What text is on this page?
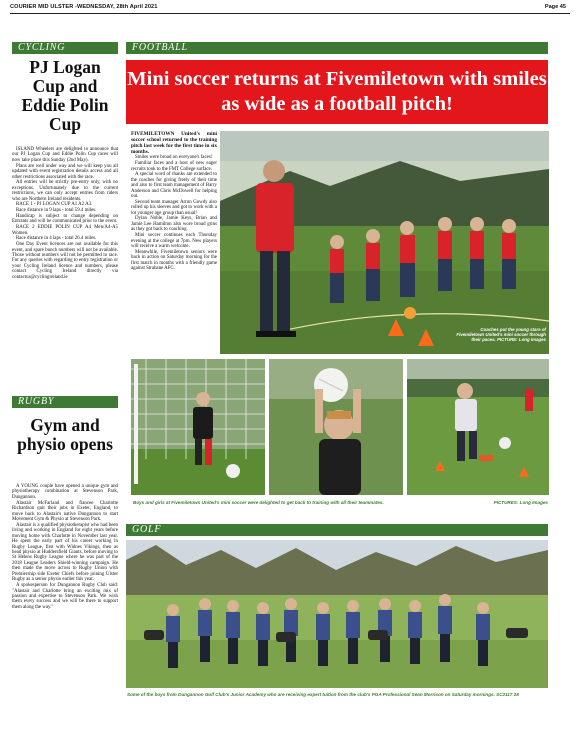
COURIER MID ULSTER -WEDNESDAY, 28th April 2021	Page 45
CYCLING
PJ Logan Cup and Eddie Polin Cup

ISLAND Wheelers are delighted to announce that our PJ Logan Cup and Eddie Polin Cup races will now take place this Sunday (2nd May).

Plans are well under way and we will keep you all updated with event registration details access and all other restrictions associated with the race.

All entries will be strictly pre-entry only, with no exceptions. Unfortunately due to the current restrictions, we can only accept entries from riders who are Northern Ireland residents.

RACE 1 - PJ LOGAN CUP A1 A2 A3.

Race distance in 9 laps - total 59.4 miles.

Handicap is subject to change depending on Entrants and will be communicated prior to the event.

RACE 2 EDDIE POLIN CUP A4 Men/A4-A5 Women.

Race distance in 4 laps - total 26.4 miles.

One Day Event licences are not available for this event, and spare bunch numbers will not be available. Those without numbers will not be permitted to race. For any queries with regarding to entry registration or your Cycling Ireland licence and numbers, please contact Cycling Ireland directly via contactus@cyclingireland.ie

RUGBY
Gym and physio opens

A YOUNG couple have opened a unique gym and physiotherapy combination at Stevenson Park, Dungannon.

Alastair McFarland and fiancee Charlotte Richardson quit their jobs in Exeter, England, to move back to Alastair's native Dungannon to start Movement Gym & Physio at Stevenson Park.

Alastair is a qualified physiotherapist who had been living and working in England for eight years before moving home with Charlotte in November last year. He spent the early part of his career working in Rugby League, first with Widnes Vikings, then as head physio at Huddersfield Giants, before moving to St Helens Rugby League where he was part of the 2018 League Leaders Shield-winning campaign. He then made the move across to Rugby Union with Premiership side Exeter Chiefs before joining Ulster Rugby as a senior physio earlier this year.

A spokesperson for Dungannon Rugby Club said: "Alastair and Charlotte bring an exciting mix of passion and expertise to Stevenson Park. We wish them every success and we will be there to support them along the way."

FOOTBALL
Mini soccer returns at Fivemiletown with smiles as wide as a football pitch!

FIVEMILETOWN United's mini soccer school returned to the training pitch last week for the first time in six months.

Smiles were broad on everyone's faces!

Familiar faces and a host of new eager recruits took to the FMT College surface.

A special word of thanks are extended to the coaches for giving freely of their time and also to first team management of Barry Anderson and Chris McDowell for helping out.

Second team manager Arron Gowdy also rolled up his sleeves and got to work with a lot younger age group than usual!

Dylan Noble, Jamie Keys, Brian and Jamie Lee Hamilton also wore broad grins as they got back to coaching.

Mini soccer continues each Thursday evening at the college at 7pm. New players will receive a warm welcome.

Meanwhile, Fivemiletown seniors were back in action on Saturday morning for the first match in months with a friendly game against Strabane AFC.

Coaches put the young stars of Fivemiletown United's mini soccer through their paces. PICTURE: Long Images
Boys and girls at Fivemiletown United's mini soccer were delighted to get back to training with all their teammates.	PICTURES: Long Images
GOLF
Some of the boys from Dungannon Golf Club's Junior Academy who are receiving expert tuition from the club's PGA Professional Sean Morrison on Saturday mornings. SC2117 28
